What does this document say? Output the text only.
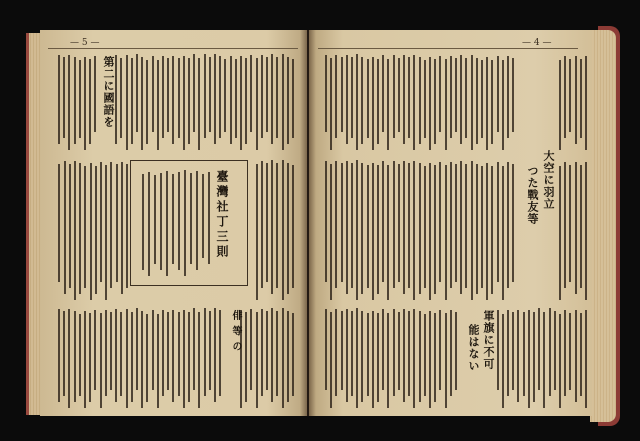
— 5 —	— 4 —
第二に國語を
臺灣社丁三則
俳 等 の
大空に羽立
つた戰友等
軍旗に不可
能はない
